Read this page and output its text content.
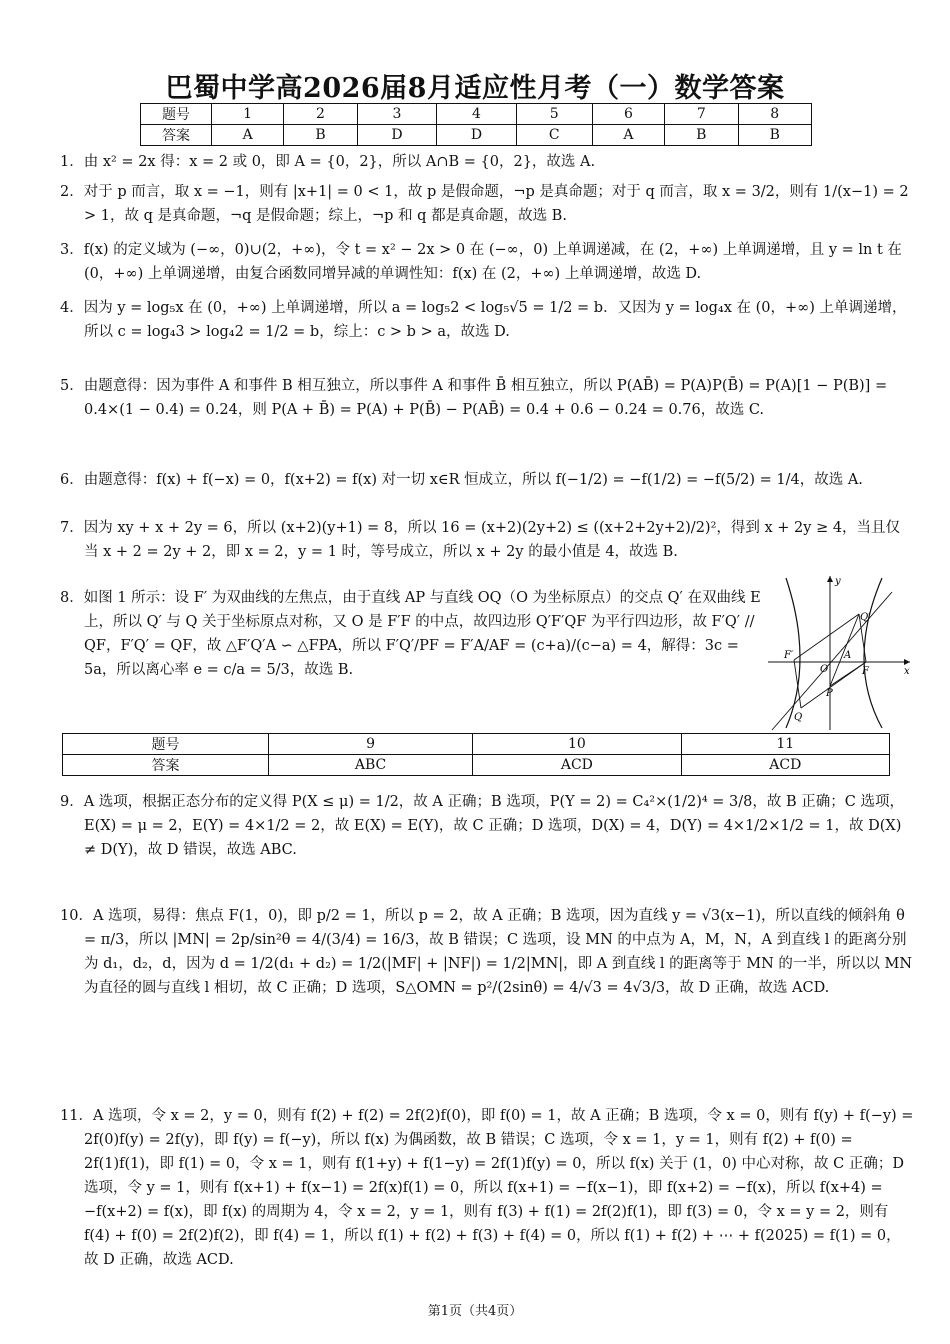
巴蜀中学高2026届8月适应性月考（一）数学答案
题号	1	2	3	4	5	6	7	8
答案	A	B	D	D	C	A	B	B

1．由 x² = 2x 得：x = 2 或 0，即 A = {0，2}，所以 A∩B = {0，2}，故选 A.

2．对于 p 而言，取 x = −1，则有 |x+1| = 0 < 1，故 p 是假命题，¬p 是真命题；对于 q 而言，取 x = 3/2，则有 1/(x−1) = 2 > 1，故 q 是真命题，¬q 是假命题；综上，¬p 和 q 都是真命题，故选 B.

3．f(x) 的定义域为 (−∞，0)∪(2，+∞)，令 t = x² − 2x > 0 在 (−∞，0) 上单调递减，在 (2，+∞) 上单调递增，且 y = ln t 在 (0，+∞) 上单调递增，由复合函数同增异减的单调性知：f(x) 在 (2，+∞) 上单调递增，故选 D.

4．因为 y = log₅x 在 (0，+∞) 上单调递增，所以 a = log₅2 < log₅√5 = 1/2 = b．又因为 y = log₄x 在 (0，+∞) 上单调递增，所以 c = log₄3 > log₄2 = 1/2 = b，综上：c > b > a，故选 D.

5．由题意得：因为事件 A 和事件 B 相互独立，所以事件 A 和事件 B̄ 相互独立，所以 P(AB̄) = P(A)P(B̄) = P(A)[1 − P(B)] = 0.4×(1 − 0.4) = 0.24，则 P(A + B̄) = P(A) + P(B̄) − P(AB̄) = 0.4 + 0.6 − 0.24 = 0.76，故选 C.

6．由题意得：f(x) + f(−x) = 0，f(x+2) = f(x) 对一切 x∈R 恒成立，所以 f(−1/2) = −f(1/2) = −f(5/2) = 1/4，故选 A.

7．因为 xy + x + 2y = 6，所以 (x+2)(y+1) = 8，所以 16 = (x+2)(2y+2) ≤ ((x+2+2y+2)/2)²，得到 x + 2y ≥ 4，当且仅当 x + 2 = 2y + 2，即 x = 2，y = 1 时，等号成立，所以 x + 2y 的最小值是 4，故选 B.

8．如图 1 所示：设 F′ 为双曲线的左焦点，由于直线 AP 与直线 OQ（O 为坐标原点）的交点 Q′ 在双曲线 E 上，所以 Q′ 与 Q 关于坐标原点对称，又 O 是 F′F 的中点，故四边形 Q′F′QF 为平行四边形，故 F′Q′ // QF，F′Q′ = QF，故 △F′Q′A ∽ △FPA，所以 F′Q′/PF = F′A/AF = (c+a)/(c−a) = 4，解得：3c = 5a，所以离心率 e = c/a = 5/3，故选 B.	x
y
F′
O
A
F
P
Q
Q′
题号	9	10	11
答案	ABC	ACD	ACD

9．A 选项，根据正态分布的定义得 P(X ≤ μ) = 1/2，故 A 正确；B 选项，P(Y = 2) = C₄²×(1/2)⁴ = 3/8，故 B 正确；C 选项，E(X) = μ = 2，E(Y) = 4×1/2 = 2，故 E(X) = E(Y)，故 C 正确；D 选项，D(X) = 4，D(Y) = 4×1/2×1/2 = 1，故 D(X) ≠ D(Y)，故 D 错误，故选 ABC.

10．A 选项，易得：焦点 F(1，0)，即 p/2 = 1，所以 p = 2，故 A 正确；B 选项，因为直线 y = √3(x−1)，所以直线的倾斜角 θ = π/3，所以 |MN| = 2p/sin²θ = 4/(3/4) = 16/3，故 B 错误；C 选项，设 MN 的中点为 A，M，N，A 到直线 l 的距离分别为 d₁，d₂，d，因为 d = 1/2(d₁ + d₂) = 1/2(|MF| + |NF|) = 1/2|MN|，即 A 到直线 l 的距离等于 MN 的一半，所以以 MN 为直径的圆与直线 l 相切，故 C 正确；D 选项，S△OMN = p²/(2sinθ) = 4/√3 = 4√3/3，故 D 正确，故选 ACD.

11．A 选项，令 x = 2，y = 0，则有 f(2) + f(2) = 2f(2)f(0)，即 f(0) = 1，故 A 正确；B 选项，令 x = 0，则有 f(y) + f(−y) = 2f(0)f(y) = 2f(y)，即 f(y) = f(−y)，所以 f(x) 为偶函数，故 B 错误；C 选项，令 x = 1，y = 1，则有 f(2) + f(0) = 2f(1)f(1)，即 f(1) = 0，令 x = 1，则有 f(1+y) + f(1−y) = 2f(1)f(y) = 0，所以 f(x) 关于 (1，0) 中心对称，故 C 正确；D 选项，令 y = 1，则有 f(x+1) + f(x−1) = 2f(x)f(1) = 0，所以 f(x+1) = −f(x−1)，即 f(x+2) = −f(x)，所以 f(x+4) = −f(x+2) = f(x)，即 f(x) 的周期为 4，令 x = 2，y = 1，则有 f(3) + f(1) = 2f(2)f(1)，即 f(3) = 0，令 x = y = 2，则有 f(4) + f(0) = 2f(2)f(2)，即 f(4) = 1，所以 f(1) + f(2) + f(3) + f(4) = 0，所以 f(1) + f(2) + ⋯ + f(2025) = f(1) = 0，故 D 正确，故选 ACD.

第1页（共4页）
